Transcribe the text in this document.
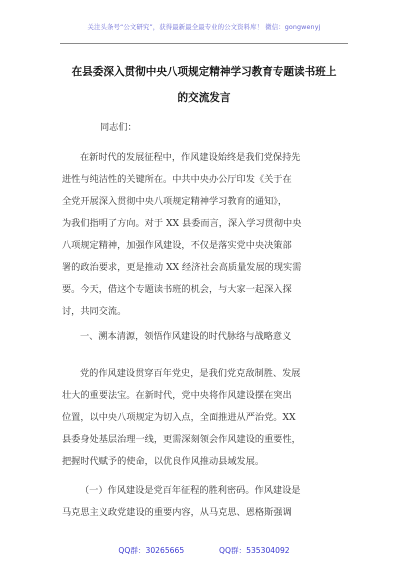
关注头条号“公文研究”，获得最新最全最专业的公文资料库！ 微信：gongwenyj
在县委深入贯彻中央八项规定精神学习教育专题读书班上
的交流发言
同志们：
在新时代的发展征程中，作风建设始终是我们党保持先
进性与纯洁性的关键所在。中共中央办公厅印发《关于在
全党开展深入贯彻中央八项规定精神学习教育的通知》，
为我们指明了方向。对于 XX 县委而言，深入学习贯彻中央
八项规定精神，加强作风建设，不仅是落实党中央决策部
署的政治要求，更是推动 XX 经济社会高质量发展的现实需
要。今天，借这个专题读书班的机会，与大家一起深入探
讨，共同交流。
一、溯本清源，领悟作风建设的时代脉络与战略意义
党的作风建设贯穿百年党史，是我们党克敌制胜、发展
壮大的重要法宝。在新时代，党中央将作风建设摆在突出
位置，以中央八项规定为切入点，全面推进从严治党。XX
县委身处基层治理一线，更需深刻领会作风建设的重要性，
把握时代赋予的使命，以优良作风推动县域发展。
（一）作风建设是党百年征程的胜利密码。作风建设是
马克思主义政党建设的重要内容，从马克思、恩格斯强调
QQ群：30265665	QQ群：535304092
